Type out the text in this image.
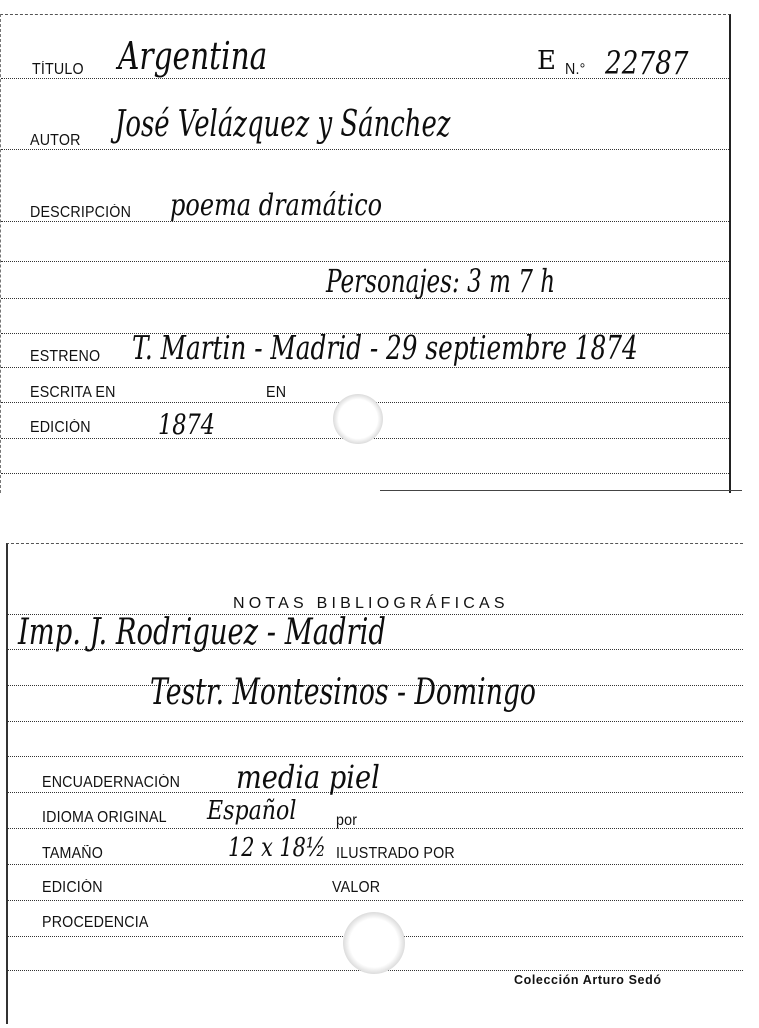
TÍTULO Argentina	E N.° 22787
AUTOR José Velázquez y Sánchez
DESCRIPCIÓN poema dramático
Personajes: 3 m 7 h
ESTRENO T. Martin - Madrid - 29 septiembre 1874
ESCRITA EN	EN
EDICIÓN 1874
NOTAS BIBLIOGRÁFICAS
Imp. J. Rodriguez - Madrid
Testr. Montesinos - Domingo
ENCUADERNACIÓN media piel
IDIOMA ORIGINAL Español	por
TAMAÑO	12 x 18½ ILUSTRADO POR
EDICIÓN	VALOR
PROCEDENCIA
Colección Arturo Sedó
